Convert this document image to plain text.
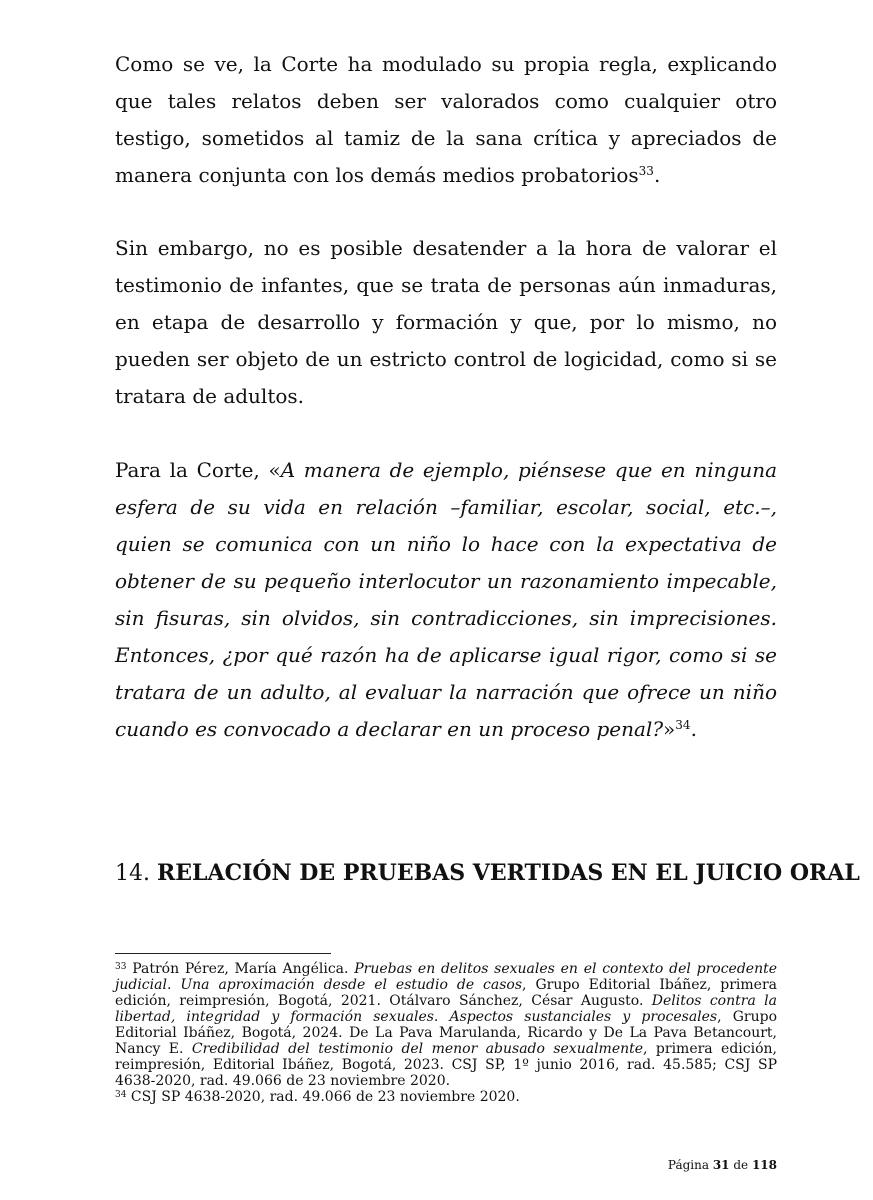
Como se ve, la Corte ha modulado su propia regla, explicando que tales relatos deben ser valorados como cualquier otro testigo, sometidos al tamiz de la sana crítica y apreciados de manera conjunta con los demás medios probatorios$^{33}$.

Sin embargo, no es posible desatender a la hora de valorar el testimonio de infantes, que se trata de personas aún inmaduras, en etapa de desarrollo y formación y que, por lo mismo, no pueden ser objeto de un estricto control de logicidad, como si se tratara de adultos.

Para la Corte, «A manera de ejemplo, piénsese que en ninguna esfera de su vida en relación –familiar, escolar, social, etc.–, quien se comunica con un niño lo hace con la expectativa de obtener de su pequeño interlocutor un razonamiento impecable, sin fisuras, sin olvidos, sin contradicciones, sin imprecisiones. Entonces, ¿por qué razón ha de aplicarse igual rigor, como si se tratara de un adulto, al evaluar la narración que ofrece un niño cuando es convocado a declarar en un proceso penal?»$^{34}$.

14. RELACIÓN DE PRUEBAS VERTIDAS EN EL JUICIO ORAL

$^{33}$ Patrón Pérez, María Angélica. Pruebas en delitos sexuales en el contexto del procedente judicial. Una aproximación desde el estudio de casos, Grupo Editorial Ibáñez, primera edición, reimpresión, Bogotá, 2021. Otálvaro Sánchez, César Augusto. Delitos contra la libertad, integridad y formación sexuales. Aspectos sustanciales y procesales, Grupo Editorial Ibáñez, Bogotá, 2024. De La Pava Marulanda, Ricardo y De La Pava Betancourt, Nancy E. Credibilidad del testimonio del menor abusado sexualmente, primera edición, reimpresión, Editorial Ibáñez, Bogotá, 2023. CSJ SP, 1º junio 2016, rad. 45.585; CSJ SP 4638-2020, rad. 49.066 de 23 noviembre 2020.

$^{34}$ CSJ SP 4638-2020, rad. 49.066 de 23 noviembre 2020.

Página 31 de 118
